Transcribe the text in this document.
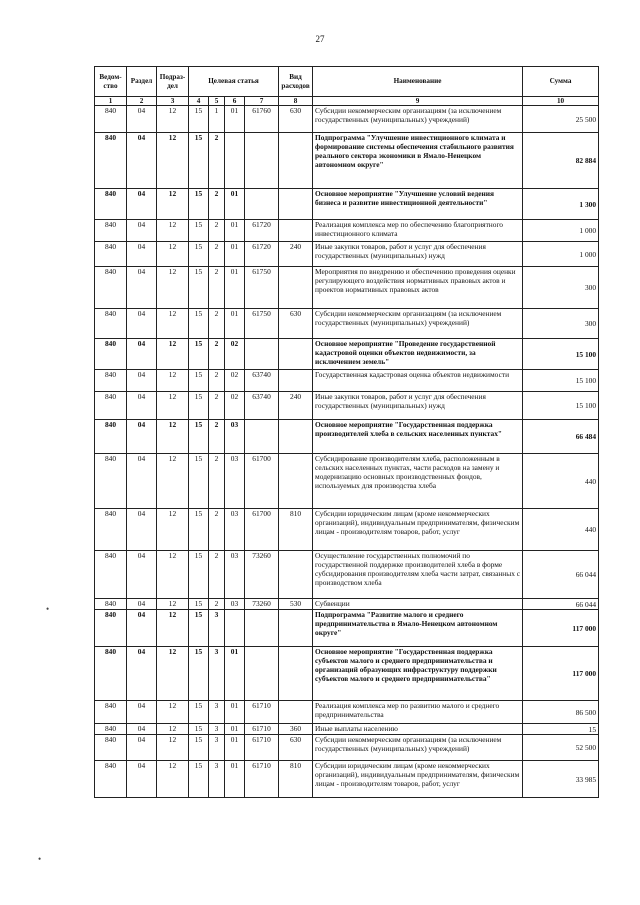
27
Ведом-ство	Раздел	Подраз-дел	Целевая статья				Вид расходов	Наименование	Сумма
1	2	3	4	5	6	7	8	9	10
840	04	12	15	1	01	61760	630	Субсидии некоммерческим организациям (за исключением государственных (муниципальных) учреждений)	25 500
840	04	12	15	2				Подпрограмма "Улучшение инвестиционного климата и формирование системы обеспечения стабильного развития реального сектора экономики в Ямало-Ненецком автономном округе"	82 884
840	04	12	15	2	01			Основное мероприятие "Улучшение условий ведения бизнеса и развитие инвестиционной деятельности"	1 300
840	04	12	15	2	01	61720		Реализация комплекса мер по обеспечению благоприятного инвестиционного климата	1 000
840	04	12	15	2	01	61720	240	Иные закупки товаров, работ и услуг для обеспечения государственных (муниципальных) нужд	1 000
840	04	12	15	2	01	61750		Мероприятия по внедрению и обеспечению проведения оценки регулирующего воздействия нормативных правовых актов и проектов нормативных правовых актов	300
840	04	12	15	2	01	61750	630	Субсидии некоммерческим организациям (за исключением государственных (муниципальных) учреждений)	300
840	04	12	15	2	02			Основное мероприятие "Проведение государственной кадастровой оценки объектов недвижимости, за исключением земель"	15 100
840	04	12	15	2	02	63740		Государственная кадастровая оценка объектов недвижимости	15 100
840	04	12	15	2	02	63740	240	Иные закупки товаров, работ и услуг для обеспечения государственных (муниципальных) нужд	15 100
840	04	12	15	2	03			Основное мероприятие "Государственная поддержка производителей хлеба в сельских населенных пунктах"	66 484
840	04	12	15	2	03	61700		Субсидирование производителям хлеба, расположенным в сельских населенных пунктах, части расходов на замену и модернизацию основных производственных фондов, используемых для производства хлеба	440
840	04	12	15	2	03	61700	810	Субсидии юридическим лицам (кроме некоммерческих организаций), индивидуальным предпринимателям, физическим лицам - производителям товаров, работ, услуг	440
840	04	12	15	2	03	73260		Осуществление государственных полномочий по государственной поддержке производителей хлеба в форме субсидирования производителям хлеба части затрат, связанных с производством хлеба	66 044
840	04	12	15	2	03	73260	530	Субвенции	66 044
840	04	12	15	3				Подпрограмма "Развитие малого и среднего предпринимательства в Ямало-Ненецком автономном округе"	117 000
840	04	12	15	3	01			Основное мероприятие "Государственная поддержка субъектов малого и среднего предпринимательства и организаций образующих инфраструктуру поддержки субъектов малого и среднего предпринимательства"	117 000
840	04	12	15	3	01	61710		Реализация комплекса мер по развитию малого и среднего предпринимательства	86 500
840	04	12	15	3	01	61710	360	Иные выплаты населению	15
840	04	12	15	3	01	61710	630	Субсидии некоммерческим организациям (за исключением государственных (муниципальных) учреждений)	52 500
840	04	12	15	3	01	61710	810	Субсидии юридическим лицам (кроме некоммерческих организаций), индивидуальным предпринимателям, физическим лицам - производителям товаров, работ, услуг	33 985
•
•
